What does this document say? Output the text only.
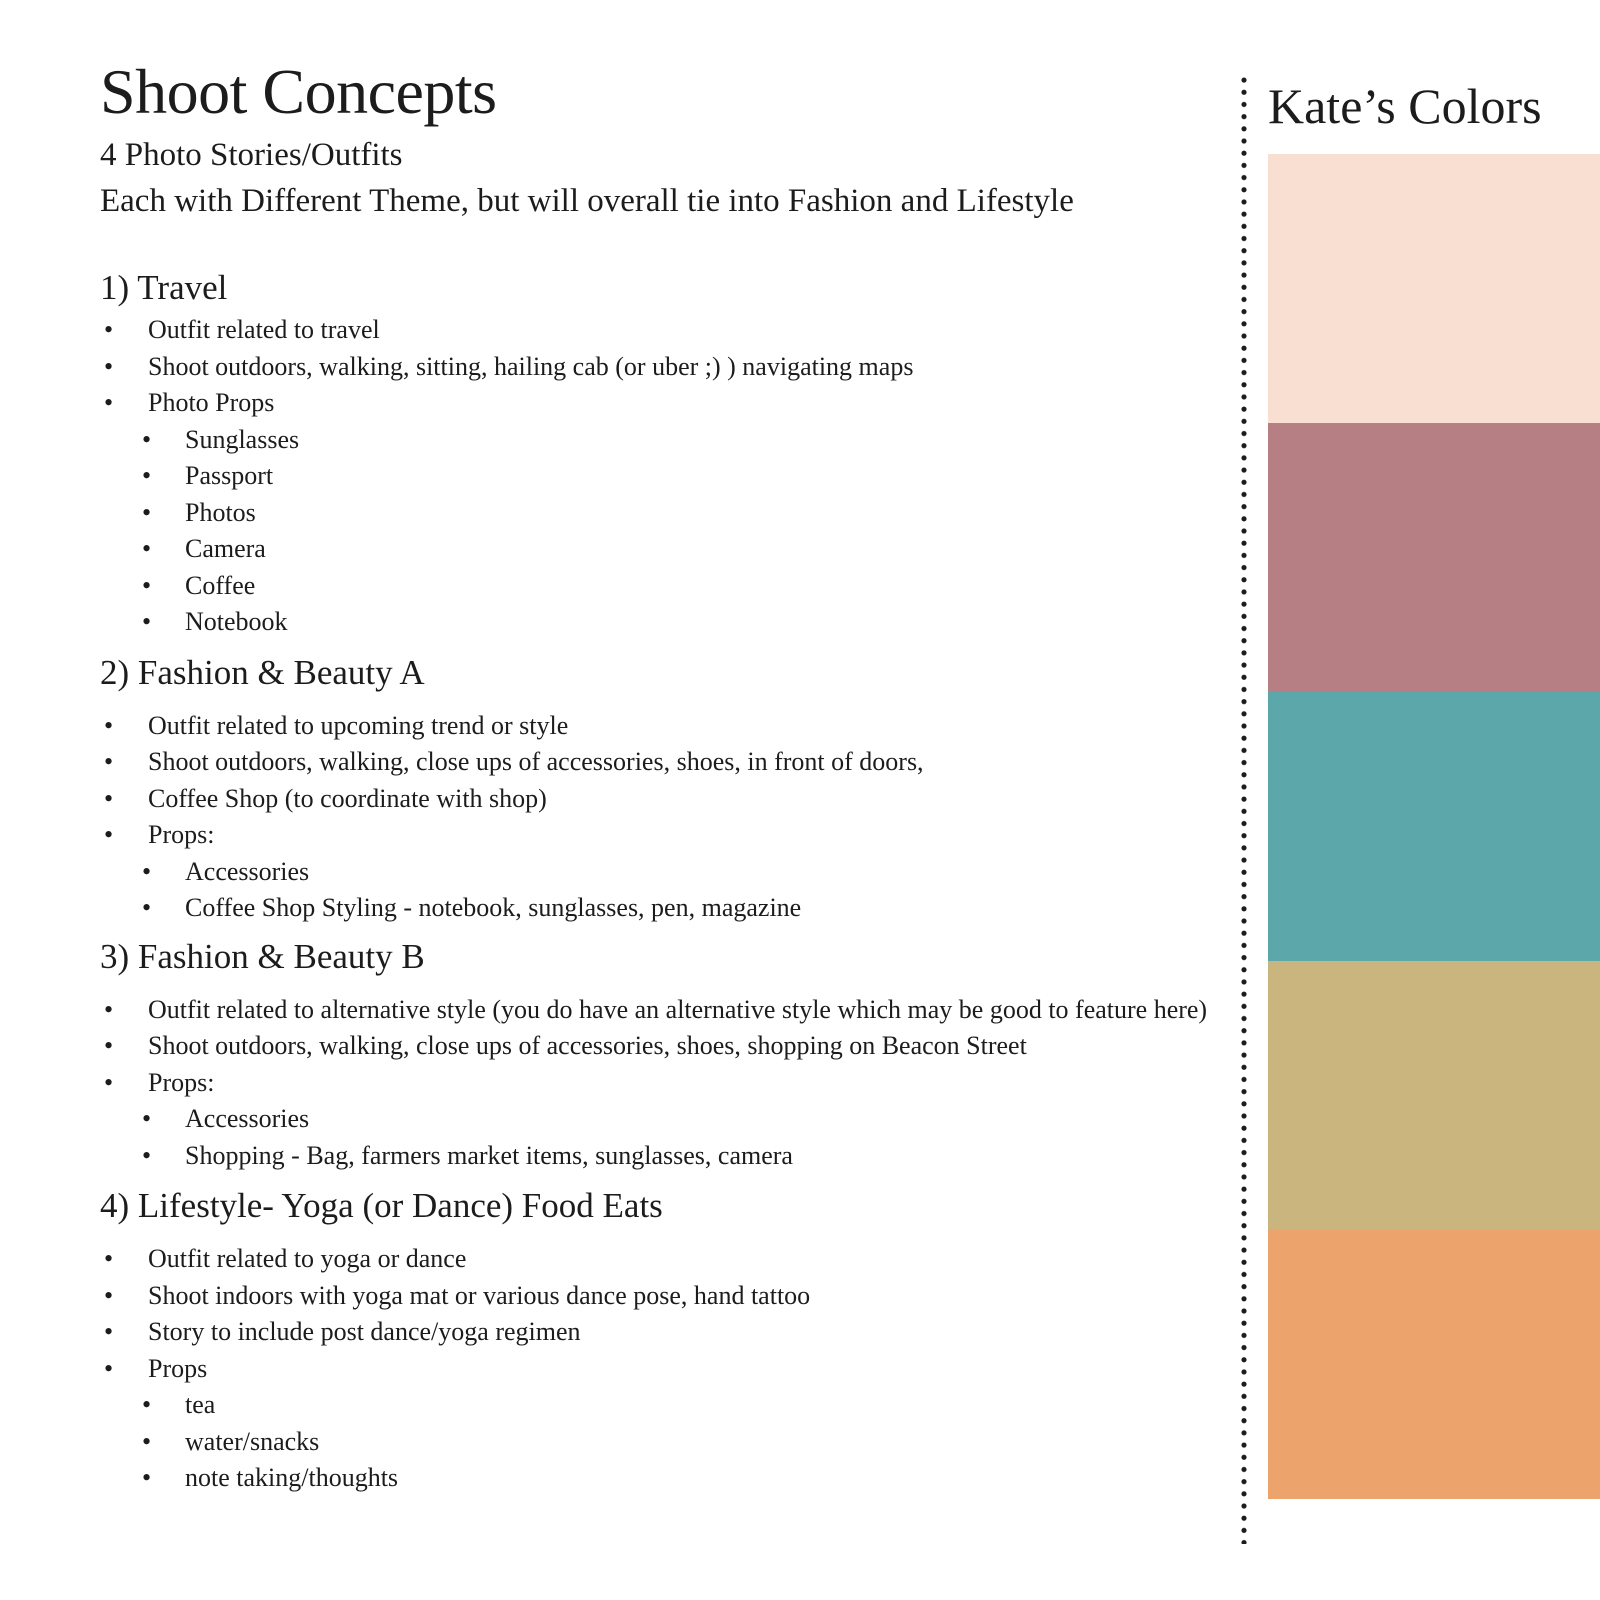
Shoot Concepts

4 Photo Stories/Outfits

Each with Different Theme, but will overall tie into Fashion and Lifestyle

1) Travel
• Outfit related to travel
• Shoot outdoors, walking, sitting, hailing cab (or uber ;) ) navigating maps
• Photo Props
• Sunglasses
• Passport
• Photos
• Camera
• Coffee
• Notebook
2) Fashion & Beauty A
• Outfit related to upcoming trend or style
• Shoot outdoors, walking, close ups of accessories, shoes, in front of doors,
• Coffee Shop (to coordinate with shop)
• Props:
• Accessories
• Coffee Shop Styling - notebook, sunglasses, pen, magazine
3) Fashion & Beauty B
• Outfit related to alternative style (you do have an alternative style which may be good to feature here)
• Shoot outdoors, walking, close ups of accessories, shoes, shopping on Beacon Street
• Props:
• Accessories
• Shopping - Bag, farmers market items, sunglasses, camera
4) Lifestyle- Yoga (or Dance) Food Eats
• Outfit related to yoga or dance
• Shoot indoors with yoga mat or various dance pose, hand tattoo
• Story to include post dance/yoga regimen
• Props
• tea
• water/snacks
• note taking/thoughts
Kate’s Colors
